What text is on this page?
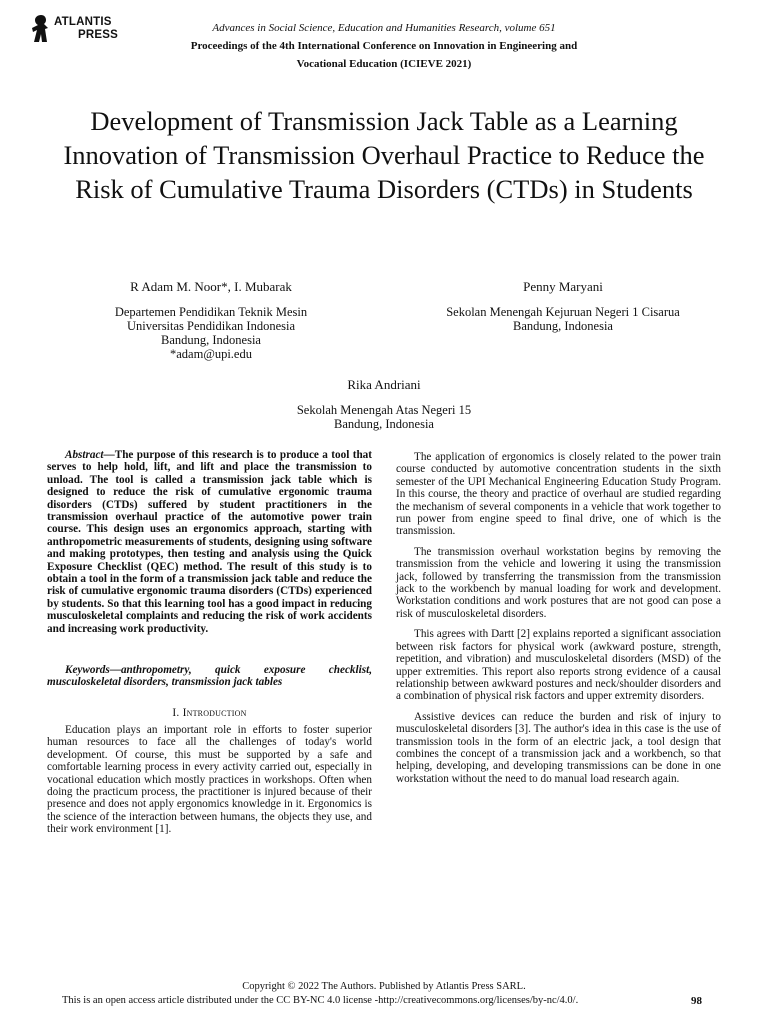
ATLANTIS
PRESS
Advances in Social Science, Education and Humanities Research, volume 651
Proceedings of the 4th International Conference on Innovation in Engineering and
Vocational Education (ICIEVE 2021)
Development of Transmission Jack Table as a Learning Innovation of Transmission Overhaul Practice to Reduce the Risk of Cumulative Trauma Disorders (CTDs) in Students
R Adam M. Noor*, I. Mubarak
Departemen Pendidikan Teknik Mesin
Universitas Pendidikan Indonesia
Bandung, Indonesia
*adam@upi.edu
Penny Maryani
Sekolan Menengah Kejuruan Negeri 1 Cisarua
Bandung, Indonesia
Rika Andriani
Sekolah Menengah Atas Negeri 15
Bandung, Indonesia
Abstract—The purpose of this research is to produce a tool that serves to help hold, lift, and lift and place the transmission to unload. The tool is called a transmission jack table which is designed to reduce the risk of cumulative ergonomic trauma disorders (CTDs) suffered by student practitioners in the transmission overhaul practice of the automotive power train course. This design uses an ergonomics approach, starting with anthropometric measurements of students, designing using software and making prototypes, then testing and analysis using the Quick Exposure Checklist (QEC) method. The result of this study is to obtain a tool in the form of a transmission jack table and reduce the risk of cumulative ergonomic trauma disorders (CTDs) experienced by students. So that this learning tool has a good impact in reducing musculoskeletal complaints and reducing the risk of work accidents and increasing work productivity.
Keywords—anthropometry, quick exposure checklist, musculoskeletal disorders, transmission jack tables
I. Introduction
Education plays an important role in efforts to foster superior human resources to face all the challenges of today's world development. Of course, this must be supported by a safe and comfortable learning process in every activity carried out, especially in vocational education which mostly practices in workshops. Often when doing the practicum process, the practitioner is injured because of their presence and does not apply ergonomics knowledge in it. Ergonomics is the science of the interaction between humans, the objects they use, and their work environment [1].

The application of ergonomics is closely related to the power train course conducted by automotive concentration students in the sixth semester of the UPI Mechanical Engineering Education Study Program. In this course, the theory and practice of overhaul are studied regarding the mechanism of several components in a vehicle that work together to run power from engine speed to final drive, one of which is the transmission.

The transmission overhaul workstation begins by removing the transmission from the vehicle and lowering it using the transmission jack, followed by transferring the transmission from the transmission jack to the workbench by manual loading for work and development. Workstation conditions and work postures that are not good can pose a risk of musculoskeletal disorders.

This agrees with Dartt [2] explains reported a significant association between risk factors for physical work (awkward posture, strength, repetition, and vibration) and musculoskeletal disorders (MSD) of the upper extremities. This report also reports strong evidence of a causal relationship between awkward postures and neck/shoulder disorders and a combination of physical risk factors and upper extremity disorders.

Assistive devices can reduce the burden and risk of injury to musculoskeletal disorders [3]. The author's idea in this case is the use of transmission tools in the form of an electric jack, a tool design that combines the concept of a transmission jack and a workbench, so that helping, developing, and developing transmissions can be done in one workstation without the need to do manual load research again.

Copyright © 2022 The Authors. Published by Atlantis Press SARL.
This is an open access article distributed under the CC BY-NC 4.0 license -http://creativecommons.org/licenses/by-nc/4.0/.	98
